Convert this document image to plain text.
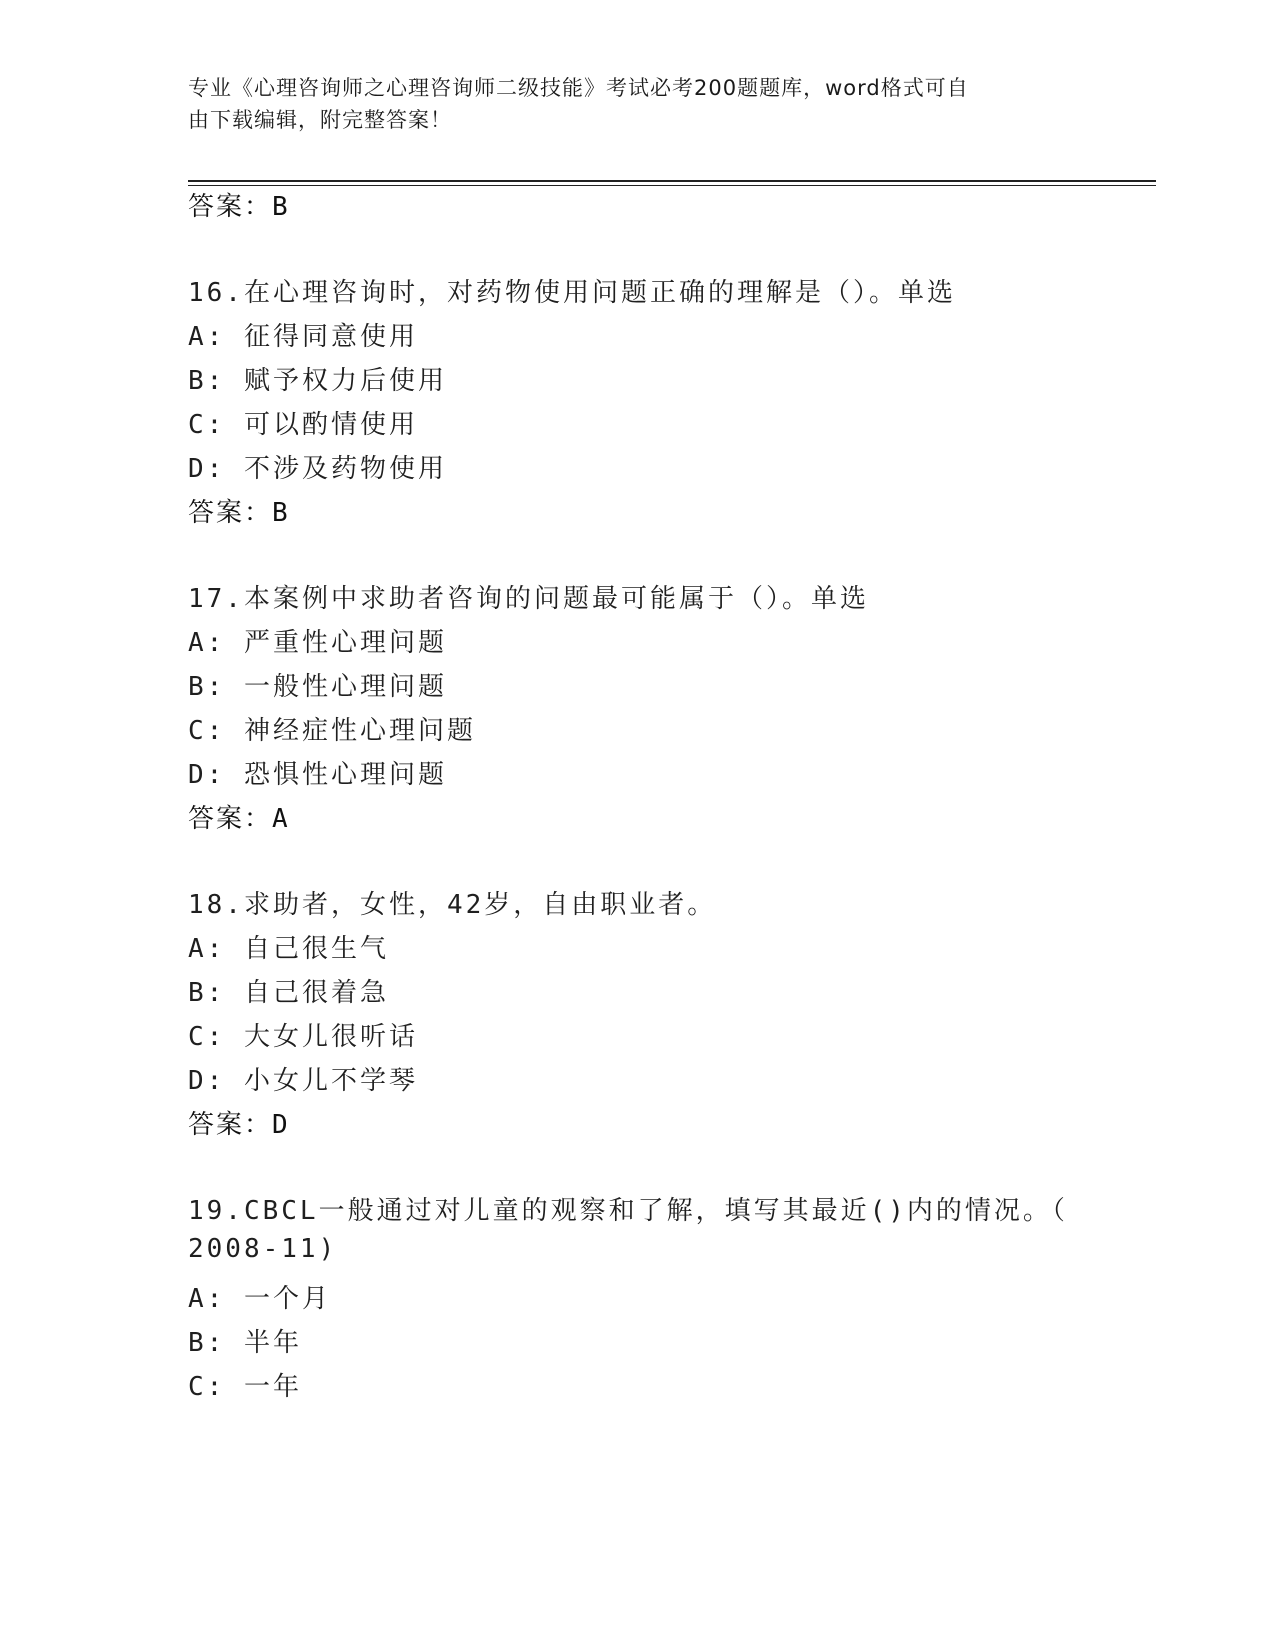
专业《心理咨询师之心理咨询师二级技能》考试必考200题题库，word格式可自
由下载编辑，附完整答案！
答案：B
16.在心理咨询时，对药物使用问题正确的理解是（）。单选
A: 征得同意使用
B: 赋予权力后使用
C: 可以酌情使用
D: 不涉及药物使用
答案：B
17.本案例中求助者咨询的问题最可能属于（）。单选
A: 严重性心理问题
B: 一般性心理问题
C: 神经症性心理问题
D: 恐惧性心理问题
答案：A
18.求助者，女性，42岁，自由职业者。
A: 自己很生气
B: 自己很着急
C: 大女儿很听话
D: 小女儿不学琴
答案：D
19.CBCL一般通过对儿童的观察和了解，填写其最近()内的情况。（
2008-11)
A: 一个月
B: 半年
C: 一年
